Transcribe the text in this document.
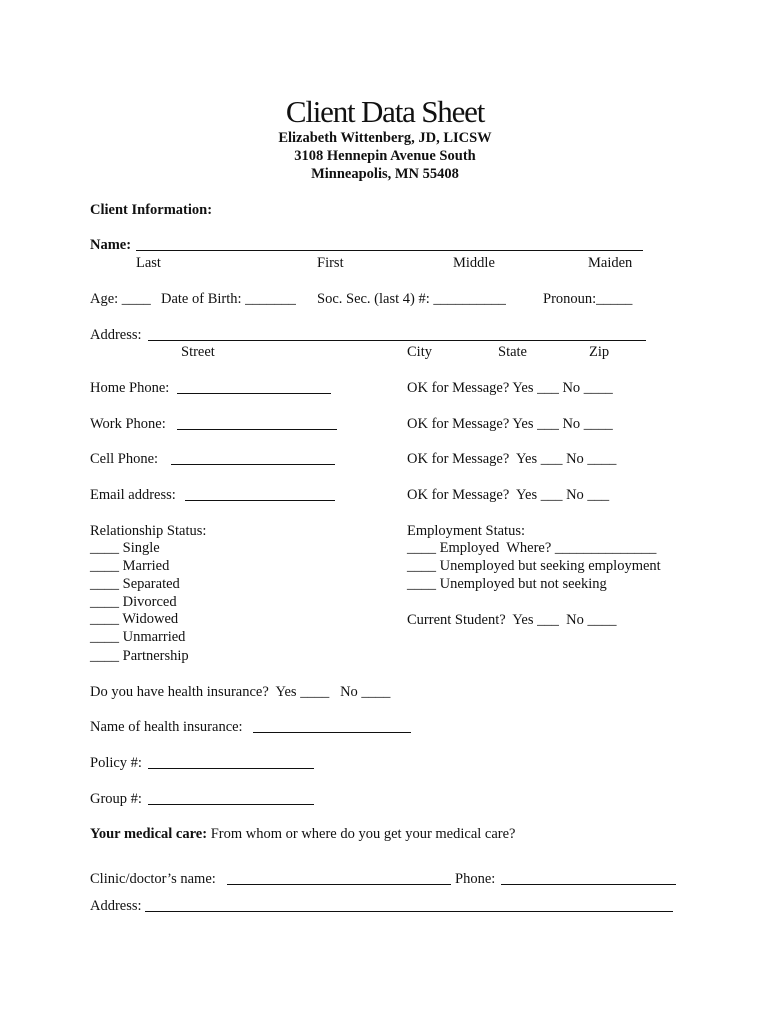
Client Data Sheet
Elizabeth Wittenberg, JD, LICSW
3108 Hennepin Avenue South
Minneapolis, MN 55408
Client Information:
Name:
Last	First	Middle	Maiden
Age: ____ Date of Birth: _______ Soc. Sec. (last 4) #: __________	Pronoun:_____
Address:
Street	City	State	Zip
Home Phone:	OK for Message? Yes ___ No ____
Work Phone:	OK for Message? Yes ___ No ____
Cell Phone:	OK for Message?  Yes ___ No ____
Email address:	OK for Message?  Yes ___ No ___
Relationship Status:
____ Single
____ Married
____ Separated
____ Divorced
____ Widowed
____ Unmarried
____ Partnership
Employment Status:
____ Employed  Where? ______________
____ Unemployed but seeking employment
____ Unemployed but not seeking
Current Student?  Yes ___  No ____
Do you have health insurance?  Yes ____   No ____
Name of health insurance:
Policy #:
Group #:
Your medical care: From whom or where do you get your medical care?
Clinic/doctor’s name:	Phone:
Address:
